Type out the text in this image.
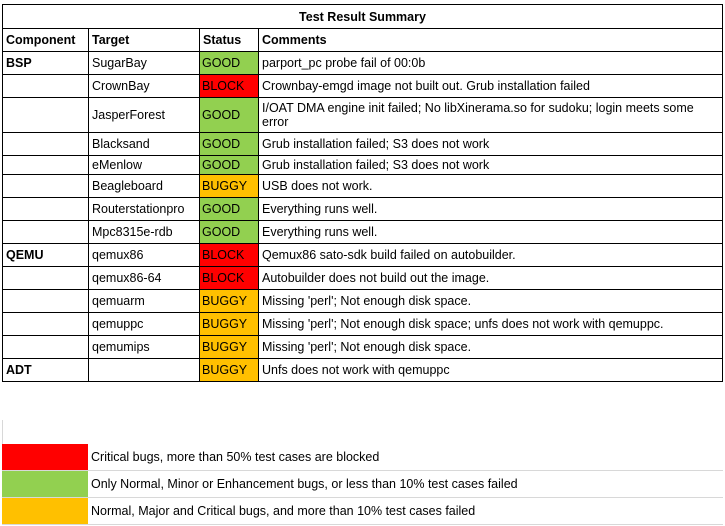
Test Result Summary			
Component	Target	Status	Comments
BSP	SugarBay	GOOD	parport_pc probe fail of 00:0b
	CrownBay	BLOCK	Crownbay-emgd image not built out. Grub installation failed
	JasperForest	GOOD	I/OAT DMA engine init failed; No libXinerama.so for sudoku; login meets some error
	Blacksand	GOOD	Grub installation failed; S3 does not work
	eMenlow	GOOD	Grub installation failed; S3 does not work
	Beagleboard	BUGGY	USB does not work.
	Routerstationpro	GOOD	Everything runs well.
	Mpc8315e-rdb	GOOD	Everything runs well.
QEMU	qemux86	BLOCK	Qemux86 sato-sdk build failed on autobuilder.
	qemux86-64	BLOCK	Autobuilder does not build out the image.
	qemuarm	BUGGY	Missing 'perl'; Not enough disk space.
	qemuppc	BUGGY	Missing 'perl'; Not enough disk space; unfs does not work with qemuppc.
	qemumips	BUGGY	Missing 'perl'; Not enough disk space.
ADT		BUGGY	Unfs does not work with qemuppc
Critical bugs, more than 50% test cases are blocked
Only Normal, Minor or Enhancement bugs, or less than 10% test cases failed
Normal, Major and Critical bugs, and more than 10% test cases failed
